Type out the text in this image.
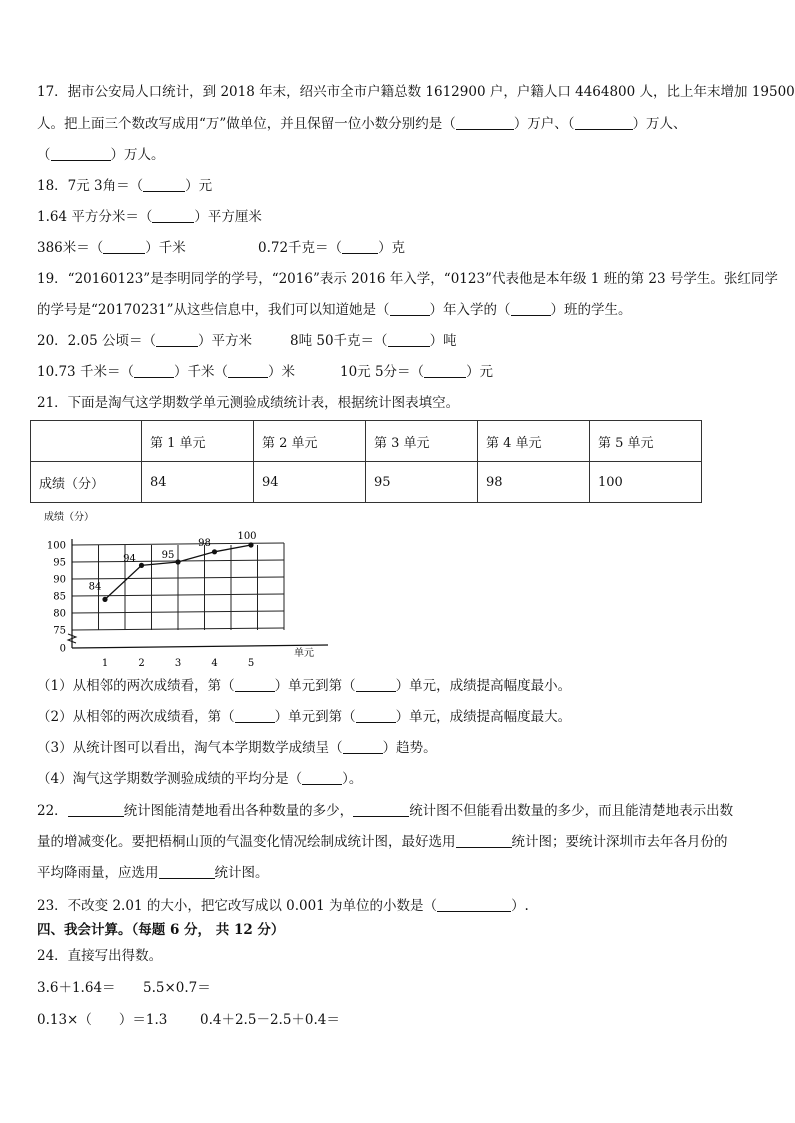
17．据市公安局人口统计，到 2018 年末，绍兴市全市户籍总数 1612900 户，户籍人口 4464800 人，比上年末增加 19500
人。把上面三个数改写成用“万”做单位，并且保留一位小数分别约是（	）万户、（	）万人、
（	）万人。
18．7元 3角＝（	）元
1.64 平方分米＝（	）平方厘米
386米＝（	）千米	0.72千克＝（	）克
19．“20160123”是李明同学的学号，“2016”表示 2016 年入学，“0123”代表他是本年级 1 班的第 23 号学生。张红同学
的学号是“20170231”从这些信息中，我们可以知道她是（	）年入学的（	）班的学生。
20．2.05 公顷＝（	）平方米	8吨 50千克＝（	）吨
10.73 千米＝（	）千米（	）米	10元 5分＝（	）元
21．下面是淘气这学期数学单元测验成绩统计表，根据统计图表填空。
	第 1 单元	第 2 单元	第 3 单元	第 4 单元	第 5 单元
成绩（分）	84	94	95	98	100
成绩（分）
0
75
80
85
90
95
100
1	2	3	4	5
单元
84
94	95
98
100
（1）从相邻的两次成绩看，第（	）单元到第（	）单元，成绩提高幅度最小。
（2）从相邻的两次成绩看，第（	）单元到第（	）单元，成绩提高幅度最大。
（3）从统计图可以看出，淘气本学期数学成绩呈（	）趋势。
（4）淘气这学期数学测验成绩的平均分是（	）。
22．	统计图能清楚地看出各种数量的多少，	统计图不但能看出数量的多少，而且能清楚地表示出数
量的增减变化。要把梧桐山顶的气温变化情况绘制成统计图，最好选用	统计图；要统计深圳市去年各月份的
平均降雨量，应选用	统计图。
23．不改变 2.01 的大小，把它改写成以 0.001 为单位的小数是（	）.
四、我会计算。（每题 6 分， 共 12 分）
24．直接写出得数。
3.6＋1.64＝ 5.5×0.7＝
0.13×（　　）＝1.3 0.4＋2.5－2.5＋0.4＝
